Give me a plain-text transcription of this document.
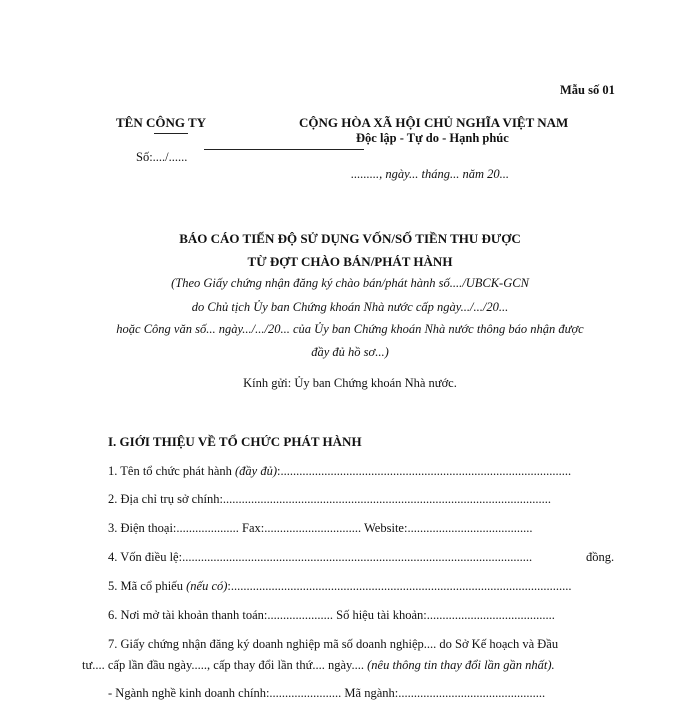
Mẫu số 01
TÊN CÔNG TY	CỘNG HÒA XÃ HỘI CHỦ NGHĨA VIỆT NAM
Độc lập - Tự do - Hạnh phúc
Số:..../......
........., ngày... tháng... năm 20...
BÁO CÁO TIẾN ĐỘ SỬ DỤNG VỐN/SỐ TIỀN THU ĐƯỢC
TỪ ĐỢT CHÀO BÁN/PHÁT HÀNH
(Theo Giấy chứng nhận đăng ký chào bán/phát hành số..../UBCK-GCN
do Chủ tịch Ủy ban Chứng khoán Nhà nước cấp ngày.../.../20...
hoặc Công văn số... ngày.../.../20... của Ủy ban Chứng khoán Nhà nước thông báo nhận được
đầy đủ hồ sơ...)
Kính gửi: Ủy ban Chứng khoán Nhà nước.
I. GIỚI THIỆU VỀ TỔ CHỨC PHÁT HÀNH
1. Tên tổ chức phát hành (đầy đủ):.............................................................................................
2. Địa chỉ trụ sở chính:.........................................................................................................
3. Điện thoại:.................... Fax:............................... Website:........................................
4. Vốn điều lệ:................................................................................................................	đồng.
5. Mã cổ phiếu (nếu có):.............................................................................................................
6. Nơi mở tài khoản thanh toán:..................... Số hiệu tài khoản:.........................................
7. Giấy chứng nhận đăng ký doanh nghiệp mã số doanh nghiệp.... do Sở Kế hoạch và Đầu
tư.... cấp lần đầu ngày....., cấp thay đổi lần thứ.... ngày.... (nêu thông tin thay đổi lần gần nhất).
- Ngành nghề kinh doanh chính:....................... Mã ngành:...............................................
